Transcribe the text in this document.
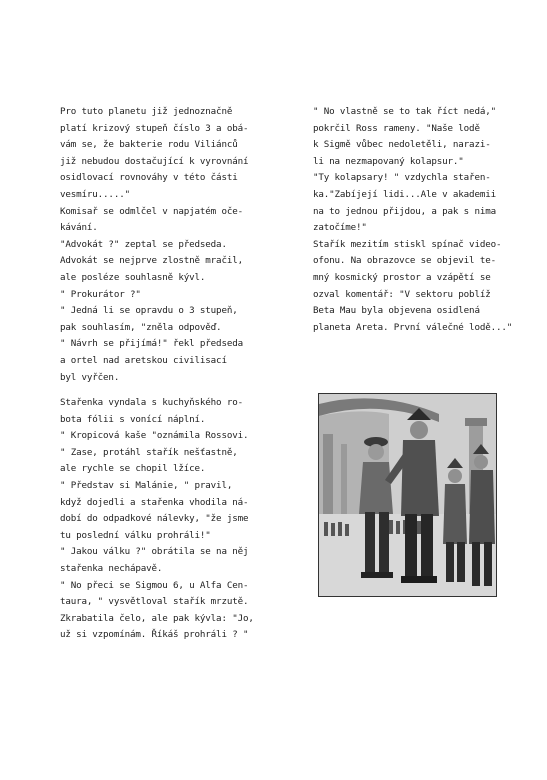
Pro tuto planetu již jednoznačně
platí krizový stupeň číslo 3 a obá-
vám se, že bakterie rodu Viliánců
již nebudou dostačující k vyrovnání
osidlovací rovnováhy v této části
vesmíru....."
Komisař se odmlčel v napjatém oče-
kávání.
"Advokát ?" zeptal se předseda.
Advokát se nejprve zlostně mračil,
ale posléze souhlasně kývl.
" Prokurátor ?"
" Jedná li se opravdu o 3 stupeň,
pak souhlasím, "zněla odpověď.
" Návrh se přijímá!" řekl předseda
a ortel nad aretskou civilisací
byl vyřčen.
Stařenka vyndala s kuchyňského ro-
bota fólii s vonící náplní.
" Kropicová kaše "oznámila Rossovi.
" Zase, protáhl stařík nešťastně,
ale rychle se chopil lžíce.
" Představ si Malánie, " pravil,
když dojedli a stařenka vhodila ná-
dobí do odpadkové nálevky, "že jsme
tu poslední válku prohráli!"
" Jakou válku ?" obrátila se na něj
stařenka nechápavě.
" No přeci se Sigmou 6, u Alfa Cen-
taura, " vysvětloval stařík mrzutě.
Zkrabatila čelo, ale pak kývla: "Jo,
už si vzpomínám. Říkáš prohráli ? "
" No vlastně se to tak říct nedá,"
pokrčil Ross rameny. "Naše lodě
k Sigmě vůbec nedoletěli, narazi-
li na nezmapovaný kolapsur."
"Ty kolapsary! " vzdychla stařen-
ka."Zabíjejí lidi...Ale v akademii
na to jednou přijdou, a pak s nima
zatočíme!"
Stařík mezitím stiskl spínač video-
ofonu. Na obrazovce se objevil te-
mný kosmický prostor a vzápětí se
ozval komentář: "V sektoru poblíž
Beta Mau byla objevena osidlená
planeta Areta. První válečné lodě..."
